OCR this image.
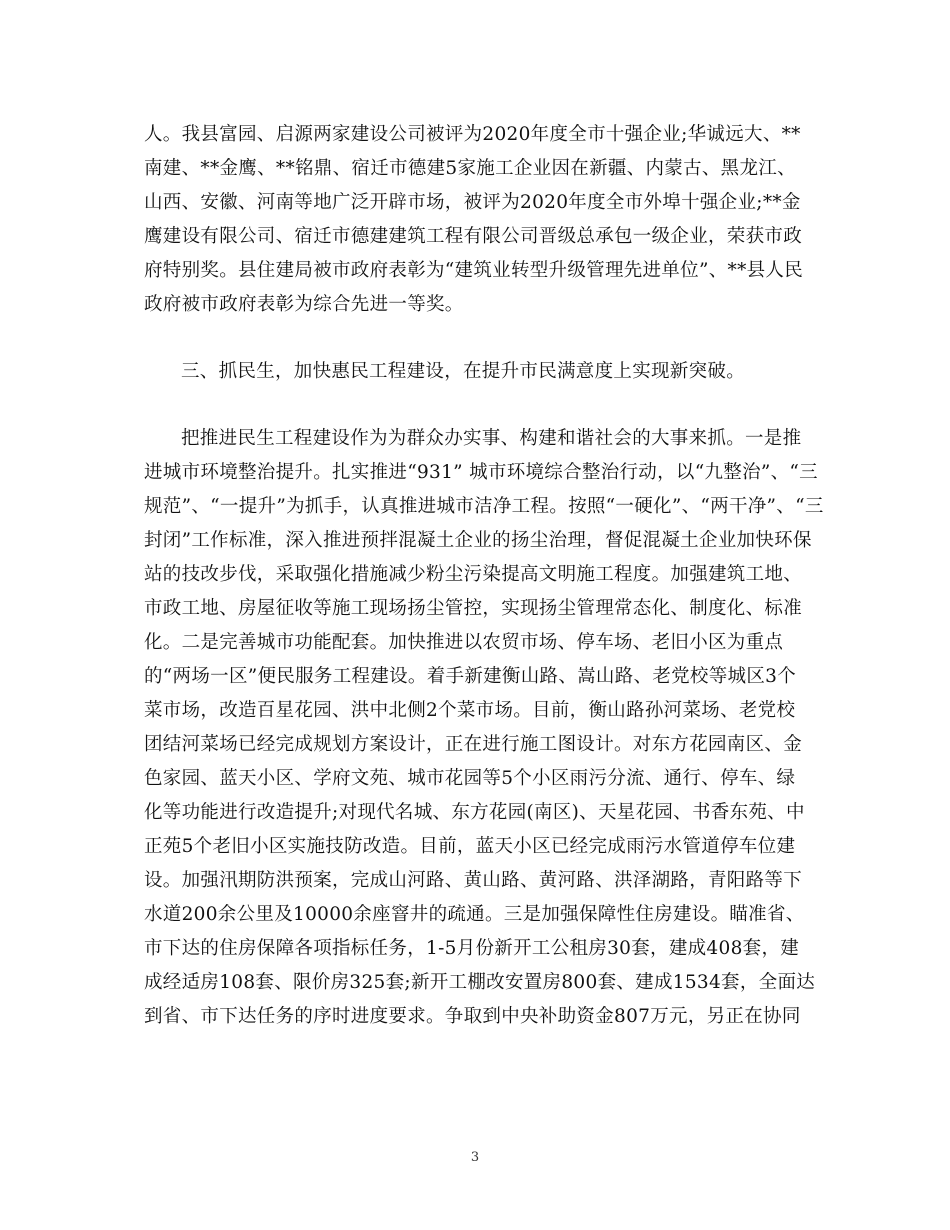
人。我县富园、启源两家建设公司被评为2020年度全市十强企业;华诚远大、**
南建、**金鹰、**铭鼎、宿迁市德建5家施工企业因在新疆、内蒙古、黑龙江、
山西、安徽、河南等地广泛开辟市场，被评为2020年度全市外埠十强企业;**金
鹰建设有限公司、宿迁市德建建筑工程有限公司晋级总承包一级企业，荣获市政
府特别奖。县住建局被市政府表彰为“建筑业转型升级管理先进单位”、**县人民
政府被市政府表彰为综合先进一等奖。
三、抓民生，加快惠民工程建设，在提升市民满意度上实现新突破。
把推进民生工程建设作为为群众办实事、构建和谐社会的大事来抓。一是推
进城市环境整治提升。扎实推进“931” 城市环境综合整治行动，以“九整治”、“三
规范”、“一提升”为抓手，认真推进城市洁净工程。按照“一硬化”、“两干净”、“三
封闭”工作标准，深入推进预拌混凝土企业的扬尘治理，督促混凝土企业加快环保
站的技改步伐，采取强化措施减少粉尘污染提高文明施工程度。加强建筑工地、
市政工地、房屋征收等施工现场扬尘管控，实现扬尘管理常态化、制度化、标准
化。二是完善城市功能配套。加快推进以农贸市场、停车场、老旧小区为重点
的“两场一区”便民服务工程建设。着手新建衡山路、嵩山路、老党校等城区3个
菜市场，改造百星花园、洪中北侧2个菜市场。目前，衡山路孙河菜场、老党校
团结河菜场已经完成规划方案设计，正在进行施工图设计。对东方花园南区、金
色家园、蓝天小区、学府文苑、城市花园等5个小区雨污分流、通行、停车、绿
化等功能进行改造提升;对现代名城、东方花园(南区)、天星花园、书香东苑、中
正苑5个老旧小区实施技防改造。目前，蓝天小区已经完成雨污水管道停车位建
设。加强汛期防洪预案，完成山河路、黄山路、黄河路、洪泽湖路，青阳路等下
水道200余公里及10000余座窨井的疏通。三是加强保障性住房建设。瞄准省、
市下达的住房保障各项指标任务，1-5月份新开工公租房30套，建成408套，建
成经适房108套、限价房325套;新开工棚改安置房800套、建成1534套，全面达
到省、市下达任务的序时进度要求。争取到中央补助资金807万元，另正在协同
3
